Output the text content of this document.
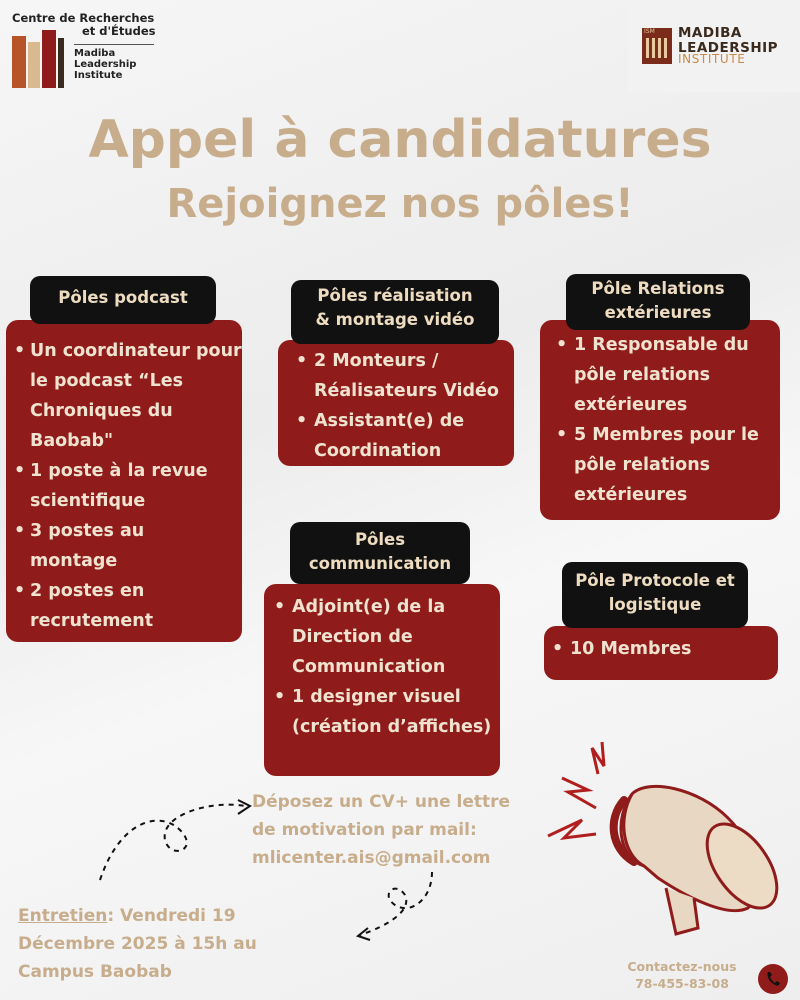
Centre de Recherches
et d'Études
Madiba
Leadership
Institute
ISM MADIBA
LEADERSHIP
INSTITUTE
Appel à candidatures
Rejoignez nos pôles!
• Un coordinateur pour le podcast “Les Chroniques du Baobab"
• 1 poste à la revue scientifique
• 3 postes au montage
• 2 postes en recrutement
Pôles podcast
• 2 Monteurs / Réalisateurs Vidéo
• Assistant(e) de Coordination
Pôles réalisation
& montage vidéo
• 1 Responsable du pôle relations extérieures
• 5 Membres pour le pôle relations extérieures
Pôle Relations
extérieures
• Adjoint(e) de la Direction de Communication
• 1 designer visuel (création d’affiches)
Pôles
communication
• 10 Membres
Pôle Protocole et
logistique
Déposez un CV+ une lettre
de motivation par mail:
mlicenter.ais@gmail.com
Entretien: Vendredi 19
Décembre 2025 à 15h au
Campus Baobab	Contactez-nous
78-455-83-08
